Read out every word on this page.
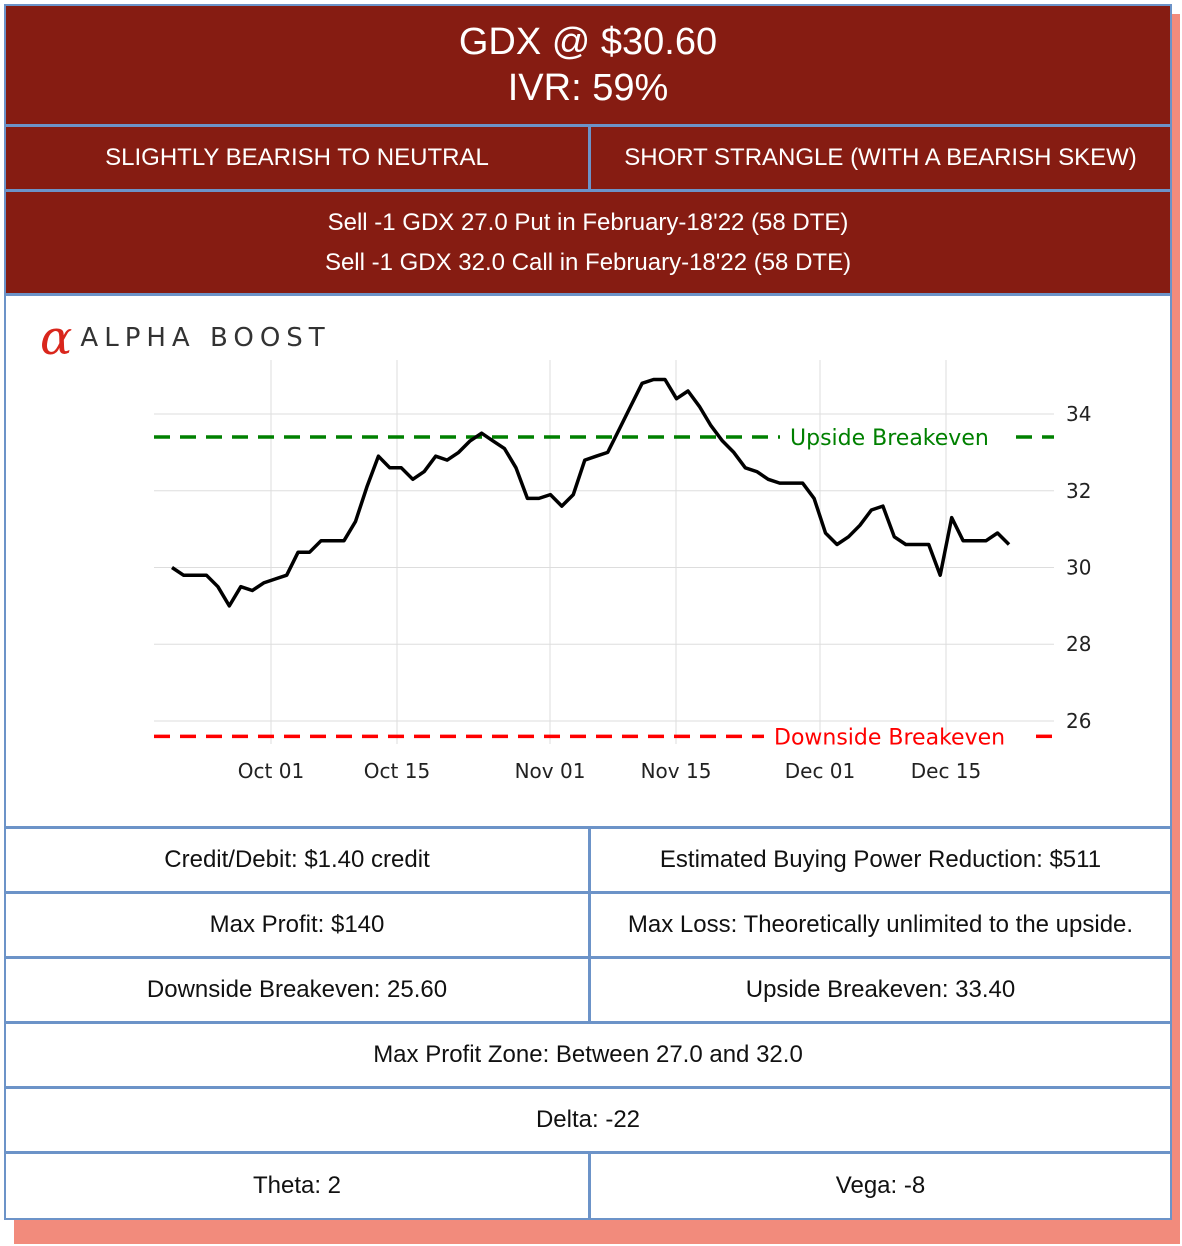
GDX @ $30.60
IVR: 59%
SLIGHTLY BEARISH TO NEUTRAL	SHORT STRANGLE (WITH A BEARISH SKEW)
Sell -1 GDX 27.0 Put in February-18'22 (58 DTE)
Sell -1 GDX 32.0 Call in February-18'22 (58 DTE)
α ALPHA BOOST
Upside Breakeven
Downside Breakeven
26
28
30
32
34
Oct 01	Oct 15	Nov 01	Nov 15	Dec 01	Dec 15
Credit/Debit: $1.40 credit	Estimated Buying Power Reduction: $511
Max Profit: $140	Max Loss: Theoretically unlimited to the upside.
Downside Breakeven: 25.60	Upside Breakeven: 33.40
Max Profit Zone: Between 27.0 and 32.0
Delta: -22
Theta: 2	Vega: -8
